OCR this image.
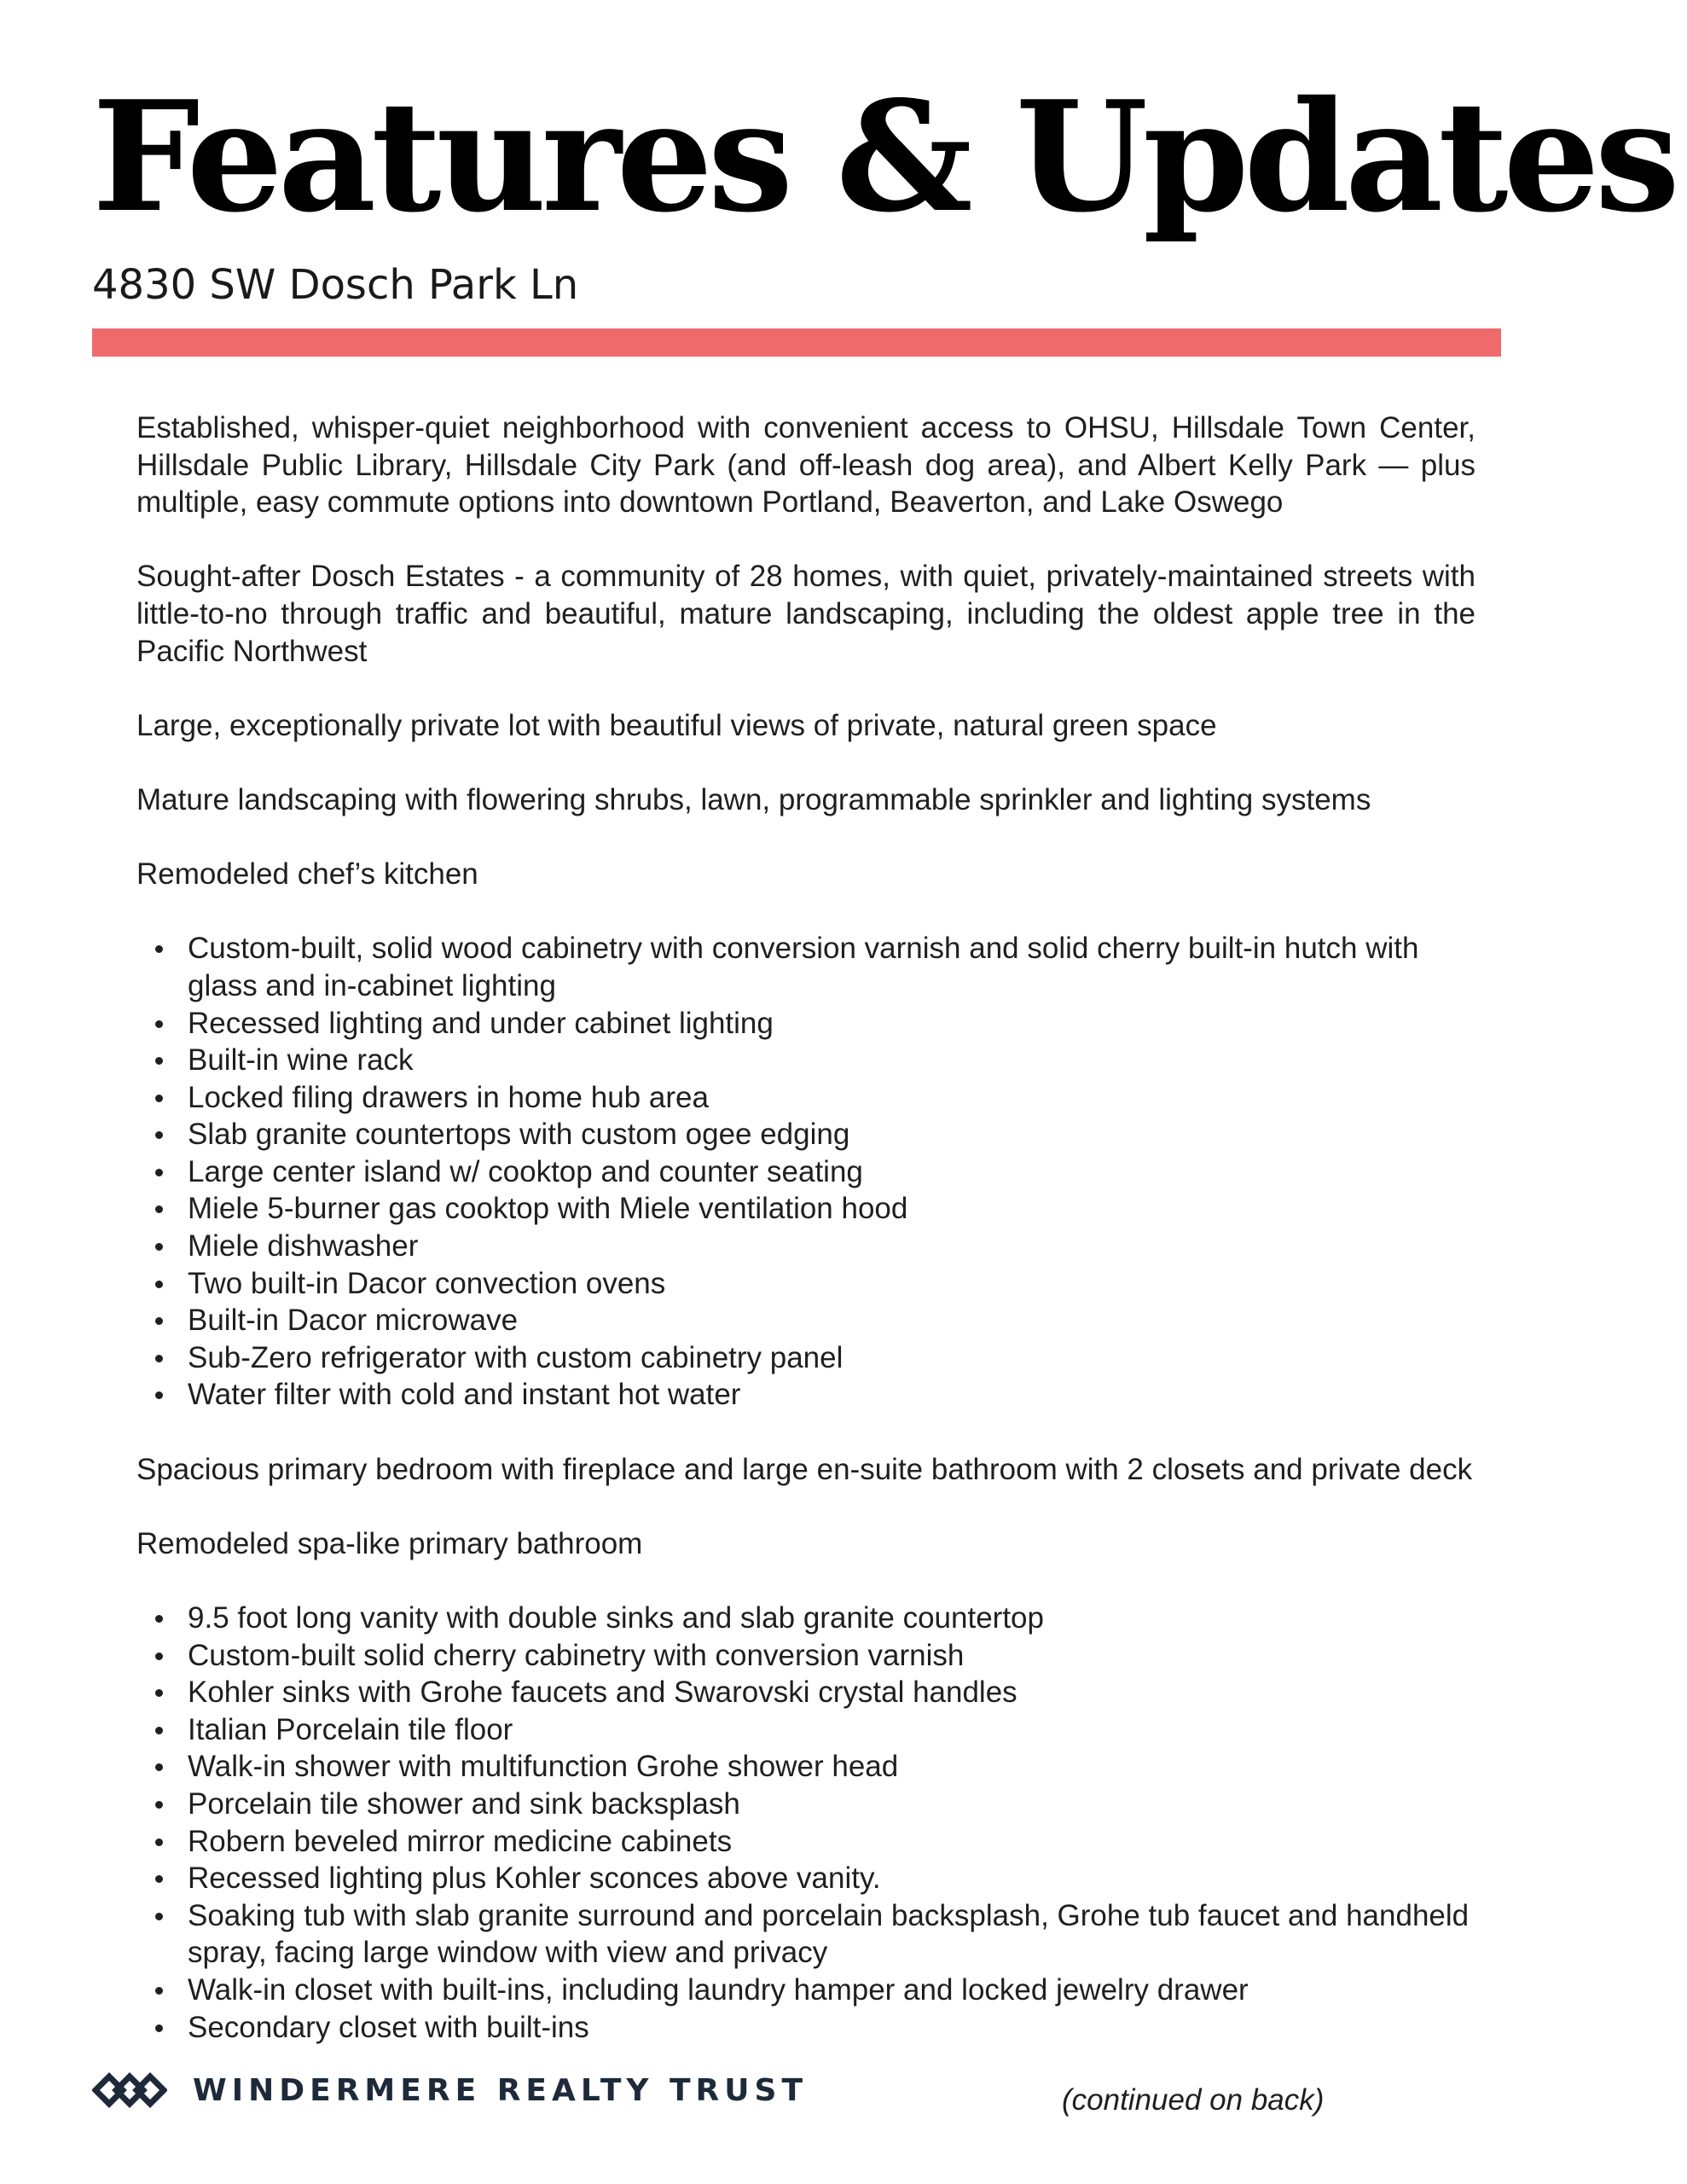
Features & Updates
4830 SW Dosch Park Ln

Established, whisper-quiet neighborhood with convenient access to OHSU, Hillsdale Town Center, Hillsdale Public Library, Hillsdale City Park (and off-leash dog area), and Albert Kelly Park — plus multiple, easy commute options into downtown Portland, Beaverton, and Lake Oswego

Sought-after Dosch Estates - a community of 28 homes, with quiet, privately-maintained streets with little-to-no through traffic and beautiful, mature landscaping, including the oldest apple tree in the Pacific Northwest

Large, exceptionally private lot with beautiful views of private, natural green space

Mature landscaping with flowering shrubs, lawn, programmable sprinkler and lighting systems

Remodeled chef’s kitchen

Custom-built, solid wood cabinetry with conversion varnish and solid cherry built-in hutch with glass and in-cabinet lighting
Recessed lighting and under cabinet lighting
Built-in wine rack
Locked filing drawers in home hub area
Slab granite countertops with custom ogee edging
Large center island w/ cooktop and counter seating
Miele 5-burner gas cooktop with Miele ventilation hood
Miele dishwasher
Two built-in Dacor convection ovens
Built-in Dacor microwave
Sub-Zero refrigerator with custom cabinetry panel
Water filter with cold and instant hot water

Spacious primary bedroom with fireplace and large en-suite bathroom with 2 closets and private deck

Remodeled spa-like primary bathroom

9.5 foot long vanity with double sinks and slab granite countertop
Custom-built solid cherry cabinetry with conversion varnish
Kohler sinks with Grohe faucets and Swarovski crystal handles
Italian Porcelain tile floor
Walk-in shower with multifunction Grohe shower head
Porcelain tile shower and sink backsplash
Robern beveled mirror medicine cabinets
Recessed lighting plus Kohler sconces above vanity.
Soaking tub with slab granite surround and porcelain backsplash, Grohe tub faucet and handheld spray, facing large window with view and privacy
Walk-in closet with built-ins, including laundry hamper and locked jewelry drawer
Secondary closet with built-ins
WINDERMERE REALTY TRUST	(continued on back)
